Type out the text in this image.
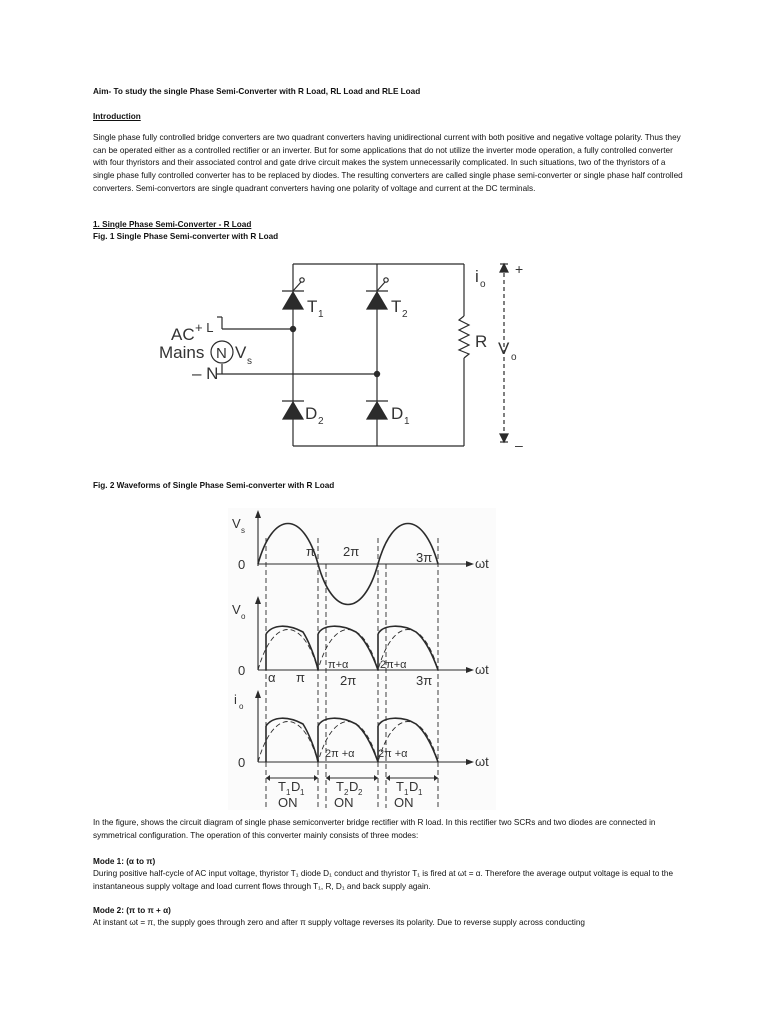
Aim- To study the single Phase Semi-Converter with R Load, RL Load and RLE Load
Introduction
Single phase fully controlled bridge converters are two quadrant converters having unidirectional current with both positive and negative voltage polarity. Thus they can be operated either as a controlled rectifier or an inverter. But for some applications that do not utilize the inverter mode operation, a fully controlled converter with four thyristors and their associated control and gate drive circuit makes the system unnecessarily complicated. In such situations, two of the thyristors of a single phase fully controlled converter has to be replaced by diodes. The resulting converters are called single phase semi-converter or single phase half controlled converters. Semi-convertors are single quadrant converters having one polarity of voltage and current at the DC terminals.
1. Single Phase Semi-Converter - R Load
Fig. 1 Single Phase Semi-converter with R Load
AC + L
Mains N V s
– N
T 1	T 2
D 2	D 1
R V o
i o
+
–
Fig. 2 Waveforms of Single Phase Semi-converter with R Load
V s
0
π 2π	3π	ωt
V o
0 α π
π+α
2π
2π+α
3π
ωt
i o
0
2π +α 2π +α	ωt
T 1 D 1
ON
T 2 D 2
ON
T 1 D 1
ON
In the figure, shows the circuit diagram of single phase semiconverter bridge rectifier with R load. In this rectifier two SCRs and two diodes are connected in symmetrical configuration. The operation of this converter mainly consists of three modes:
Mode 1: (α to π)
During positive half-cycle of AC input voltage, thyristor T₁ diode D₁ conduct and thyristor T₁ is fired at ωt = α. Therefore the average output voltage is equal to the instantaneous supply voltage and load current flows through T₁, R, D₁ and back supply again.
Mode 2: (π to π + α)
At instant ωt = π, the supply goes through zero and after π supply voltage reverses its polarity. Due to reverse supply across conducting
